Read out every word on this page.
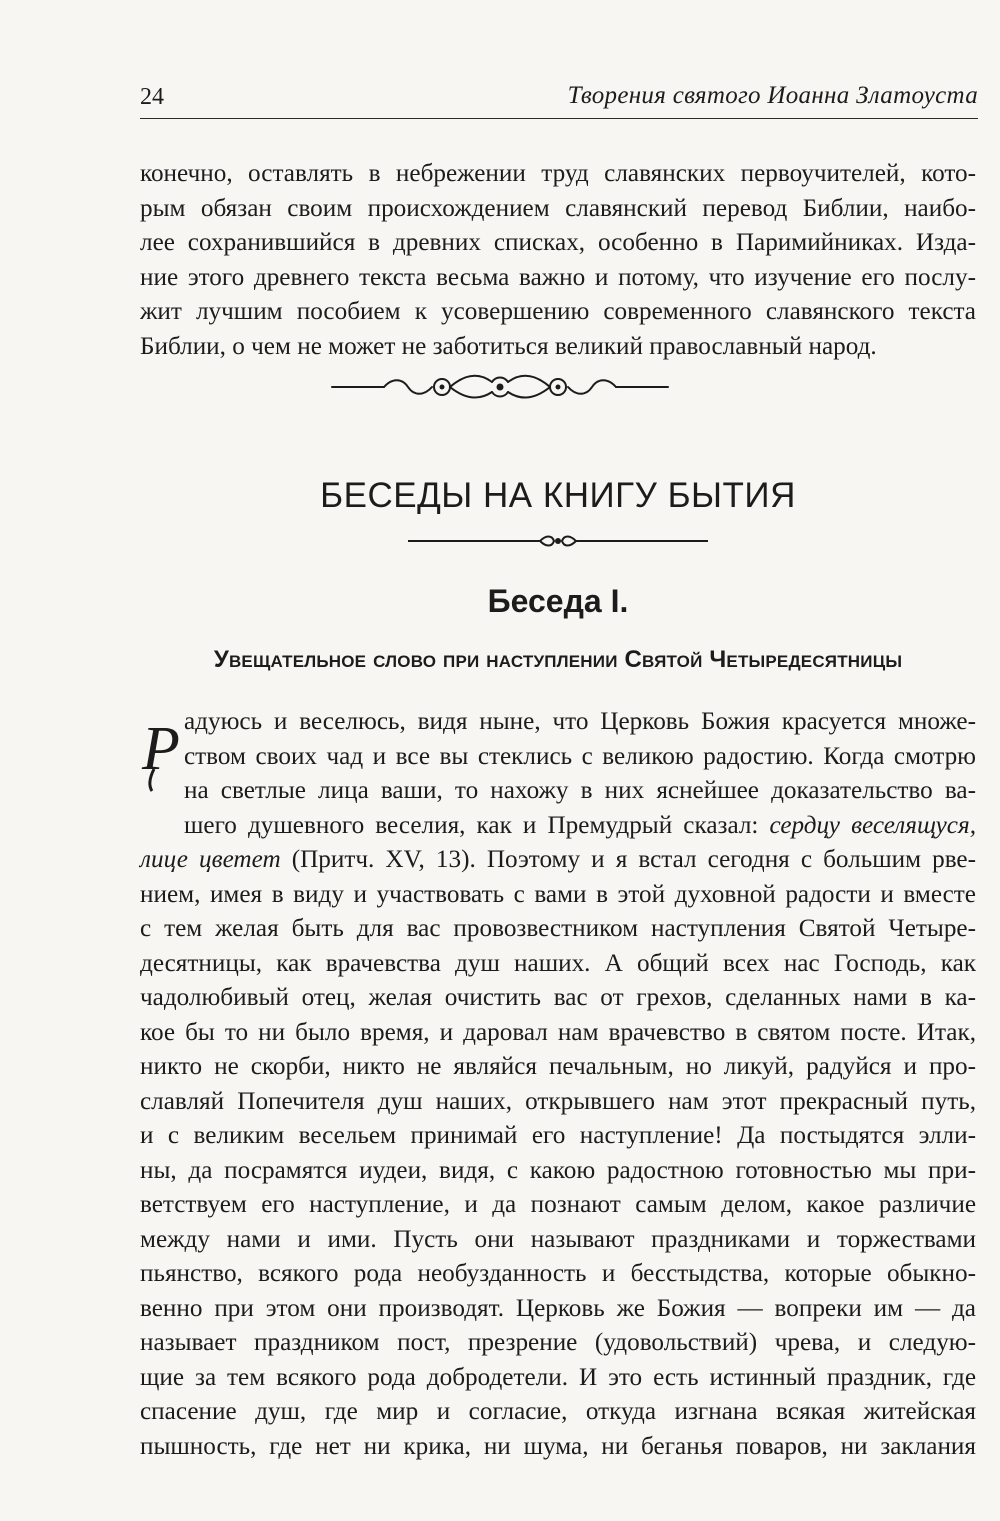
24	Творения святого Иоанна Златоуста
конечно, оставлять в небрежении труд славянских первоучителей, кото-
рым обязан своим происхождением славянский перевод Библии, наибо-
лее сохранившийся в древних списках, особенно в Паримийниках. Изда-
ние этого древнего текста весьма важно и потому, что изучение его послу-
жит лучшим пособием к усовершению современного славянского текста
Библии, о чем не может не заботиться великий православный народ.
БЕСЕДЫ НА КНИГУ БЫТИЯ
Беседа I.
Увещательное слово при наступлении Святой Четыредесятницы
Р адуюсь и веселюсь, видя ныне, что Церковь Божия красуется множе-
ством своих чад и все вы стеклись с великою радостию. Когда смотрю
на светлые лица ваши, то нахожу в них яснейшее доказательство ва-
шего душевного веселия, как и Премудрый сказал: сердцу веселящуся,
лице цветет (Притч. XV, 13). Поэтому и я встал сегодня с большим рве-
нием, имея в виду и участвовать с вами в этой духовной радости и вместе
с тем желая быть для вас провозвестником наступления Святой Четыре-
десятницы, как врачевства душ наших. А общий всех нас Господь, как
чадолюбивый отец, желая очистить вас от грехов, сделанных нами в ка-
кое бы то ни было время, и даровал нам врачевство в святом посте. Итак,
никто не скорби, никто не являйся печальным, но ликуй, радуйся и про-
славляй Попечителя душ наших, открывшего нам этот прекрасный путь,
и с великим весельем принимай его наступление! Да постыдятся элли-
ны, да посрамятся иудеи, видя, с какою радостною готовностью мы при-
ветствуем его наступление, и да познают самым делом, какое различие
между нами и ими. Пусть они называют праздниками и торжествами
пьянство, всякого рода необузданность и бесстыдства, которые обыкно-
венно при этом они производят. Церковь же Божия — вопреки им — да
называет праздником пост, презрение (удовольствий) чрева, и следую-
щие за тем всякого рода добродетели. И это есть истинный праздник, где
спасение душ, где мир и согласие, откуда изгнана всякая житейская
пышность, где нет ни крика, ни шума, ни беганья поваров, ни заклания
